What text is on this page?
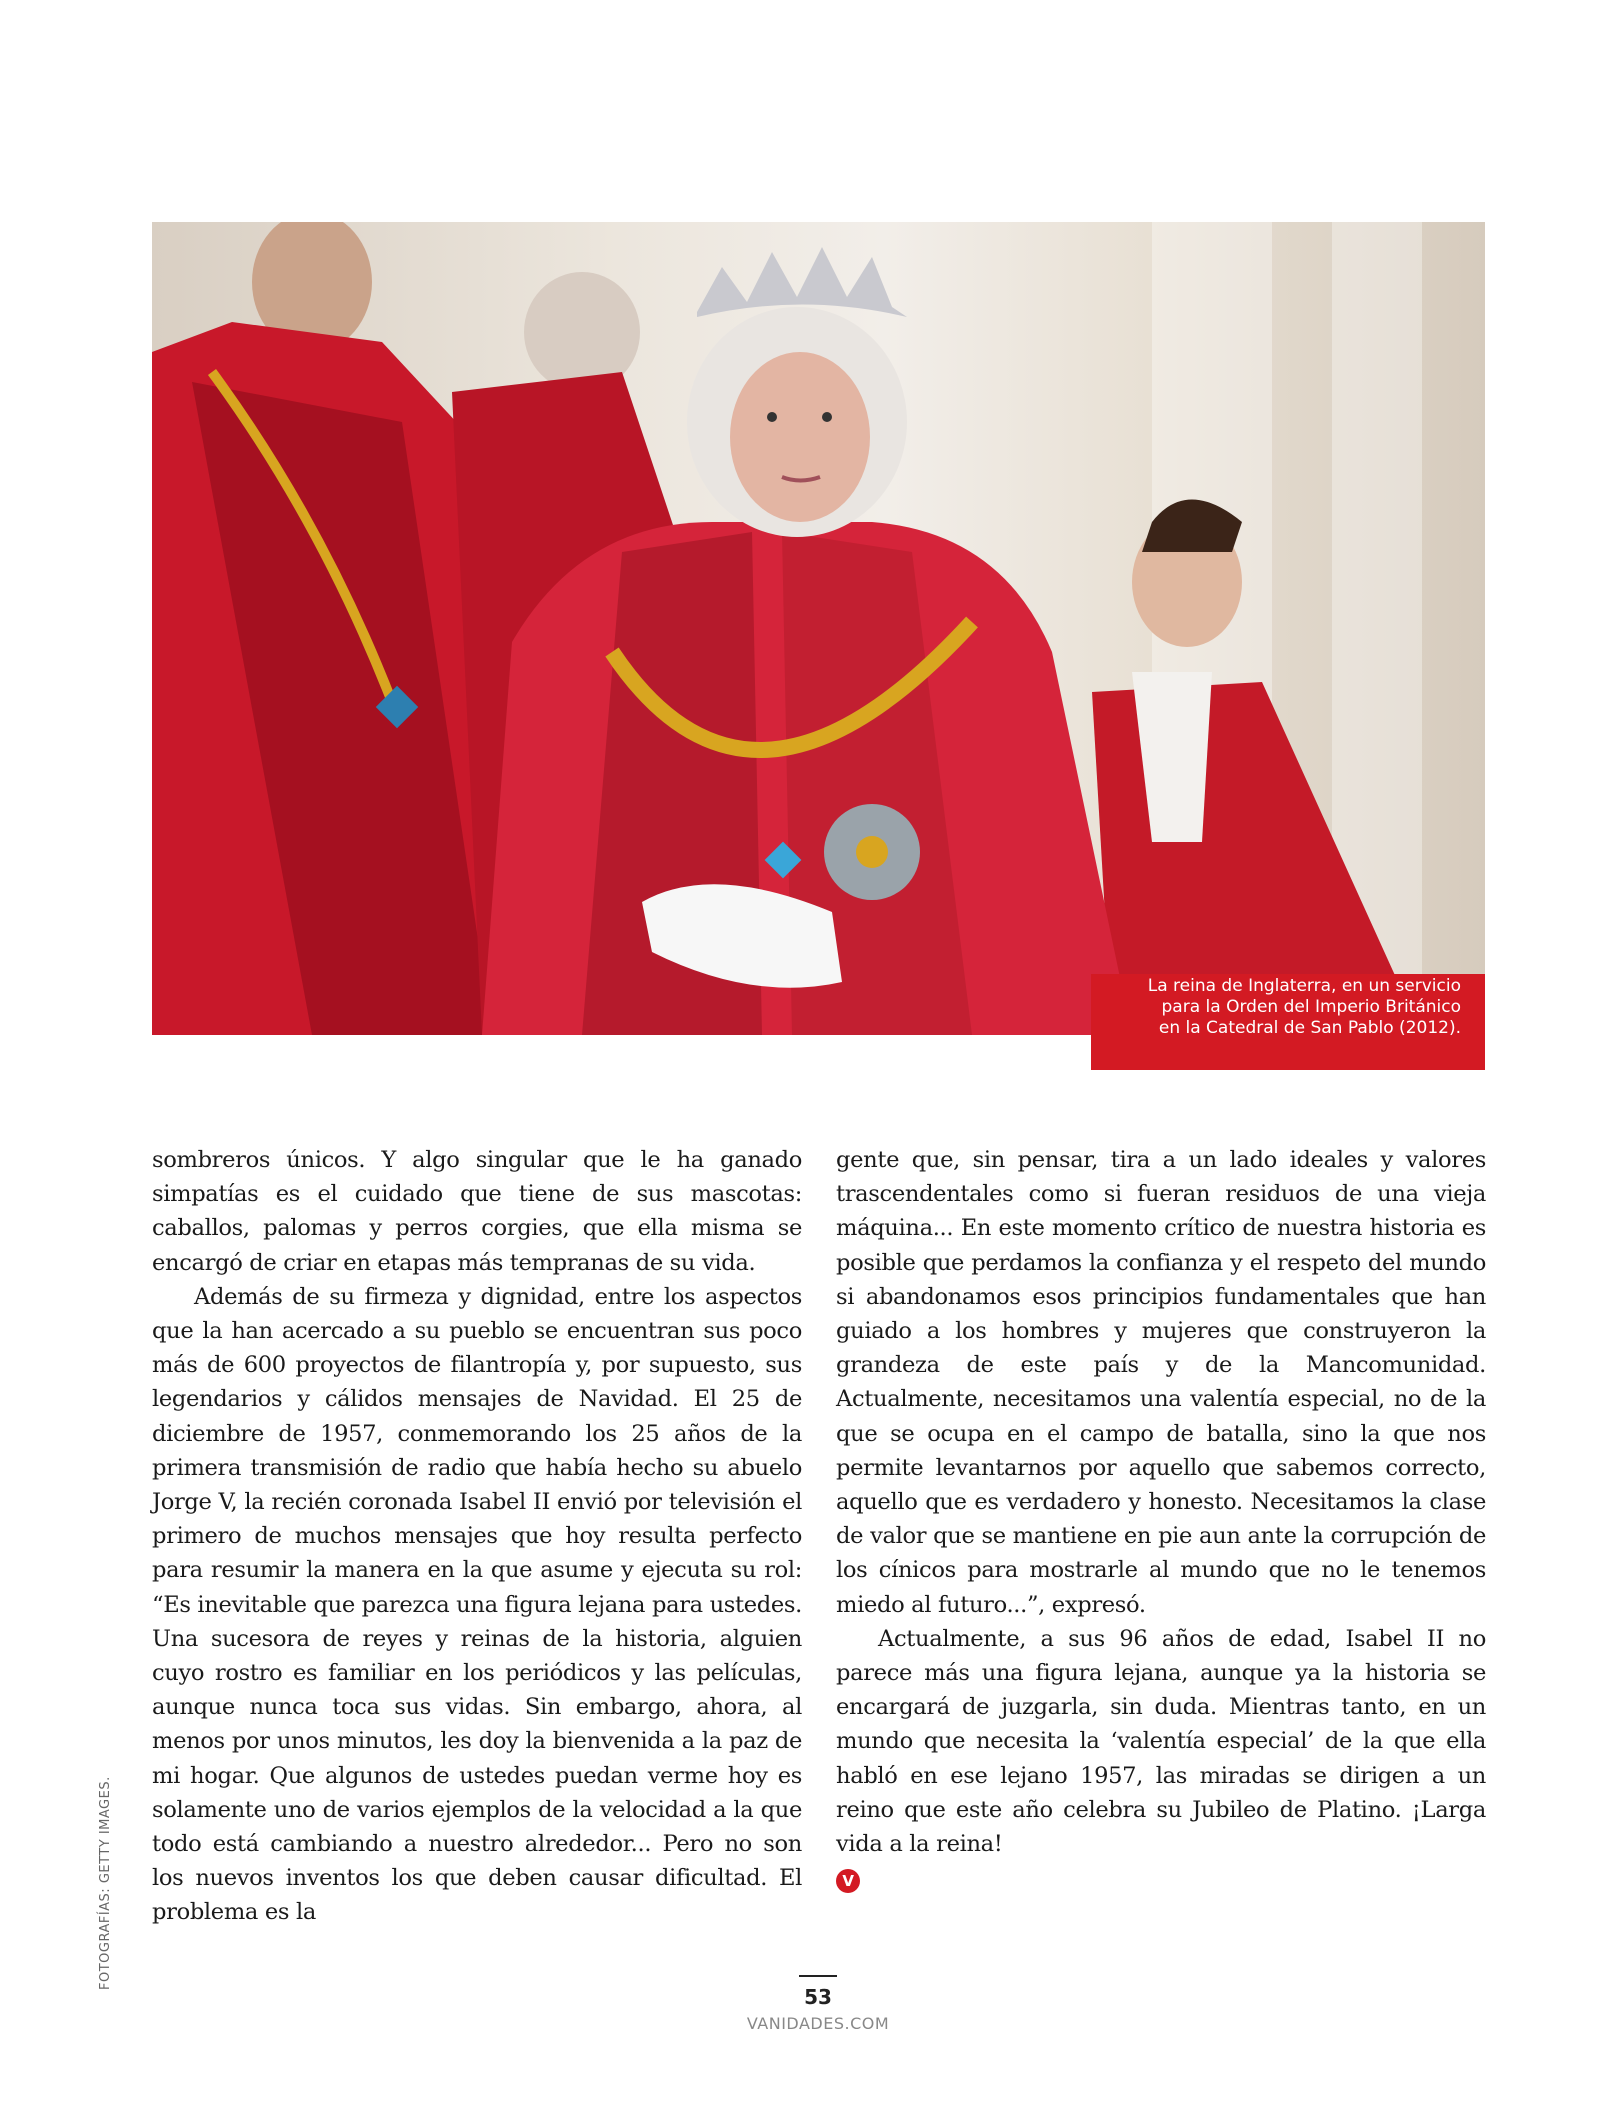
La reina de Inglaterra, en un servicio
para la Orden del Imperio Británico
en la Catedral de San Pablo (2012).

sombreros únicos. Y algo singular que le ha ganado simpatías es el cuidado que tiene de sus mascotas: caballos, palomas y perros corgies, que ella misma se encargó de criar en etapas más tempranas de su vida.

Además de su firmeza y dignidad, entre los aspectos que la han acercado a su pueblo se encuentran sus poco más de 600 proyectos de filantropía y, por supuesto, sus legendarios y cálidos mensajes de Navidad. El 25 de diciembre de 1957, conmemorando los 25 años de la primera transmisión de radio que había hecho su abuelo Jorge V, la recién coronada Isabel II envió por televisión el primero de muchos mensajes que hoy resulta perfecto para resumir la manera en la que asume y ejecuta su rol: “Es inevitable que parezca una figura lejana para ustedes. Una sucesora de reyes y reinas de la historia, alguien cuyo rostro es familiar en los periódicos y las películas, aunque nunca toca sus vidas. Sin embargo, ahora, al menos por unos minutos, les doy la bienvenida a la paz de mi hogar. Que algunos de ustedes puedan verme hoy es solamente uno de varios ejemplos de la velocidad a la que todo está cambiando a nuestro alrededor... Pero no son los nuevos inventos los que deben causar dificultad. El problema es la

gente que, sin pensar, tira a un lado ideales y valores trascendentales como si fueran residuos de una vieja máquina... En este momento crítico de nuestra historia es posible que perdamos la confianza y el respeto del mundo si abandonamos esos principios fundamentales que han guiado a los hombres y mujeres que construyeron la grandeza de este país y de la Mancomunidad. Actualmente, necesitamos una valentía especial, no de la que se ocupa en el campo de batalla, sino la que nos permite levantarnos por aquello que sabemos correcto, aquello que es verdadero y honesto. Necesitamos la clase de valor que se mantiene en pie aun ante la corrupción de los cínicos para mostrarle al mundo que no le tenemos miedo al futuro...”, expresó.

Actualmente, a sus 96 años de edad, Isabel II no parece más una figura lejana, aunque ya la historia se encargará de juzgarla, sin duda. Mientras tanto, en un mundo que necesita la ‘valentía especial’ de la que ella habló en ese lejano 1957, las miradas se dirigen a un reino que este año celebra su Jubileo de Platino. ¡Larga vida a la reina!

V
FOTOGRAFÍAS: GETTY IMAGES.
53
VANIDADES.COM
